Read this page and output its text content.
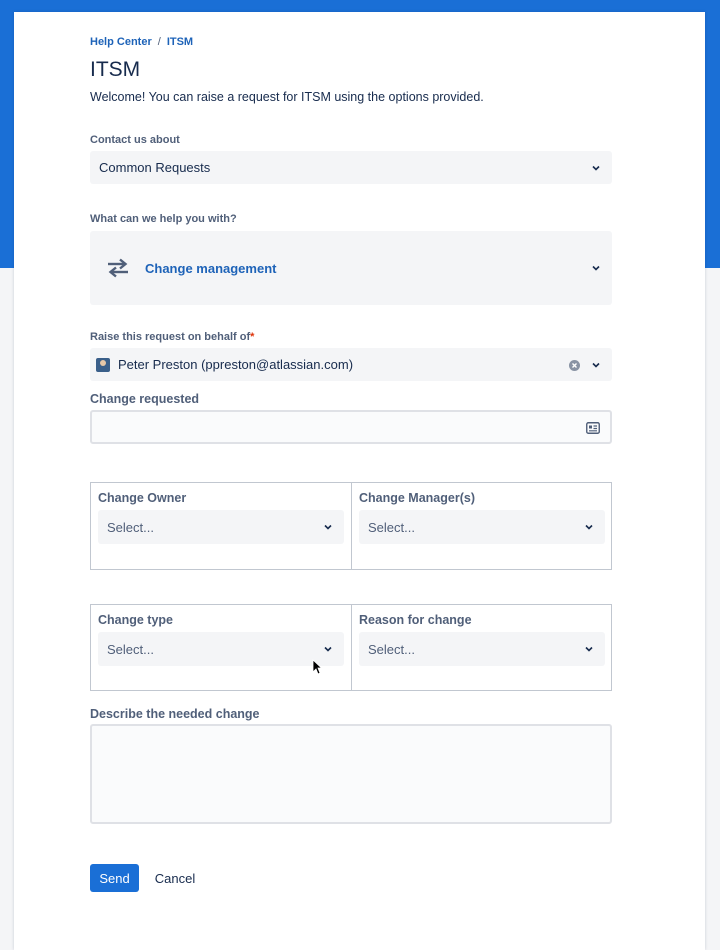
Help Center / ITSM
ITSM
Welcome! You can raise a request for ITSM using the options provided.
Contact us about
Common Requests
What can we help you with?
Change management
Raise this request on behalf of*
Peter Preston (ppreston@atlassian.com)
Change requested
Change Owner
Select...
Change Manager(s)
Select...
Change type
Select...
Reason for change
Select...
Describe the needed change
Send	Cancel
